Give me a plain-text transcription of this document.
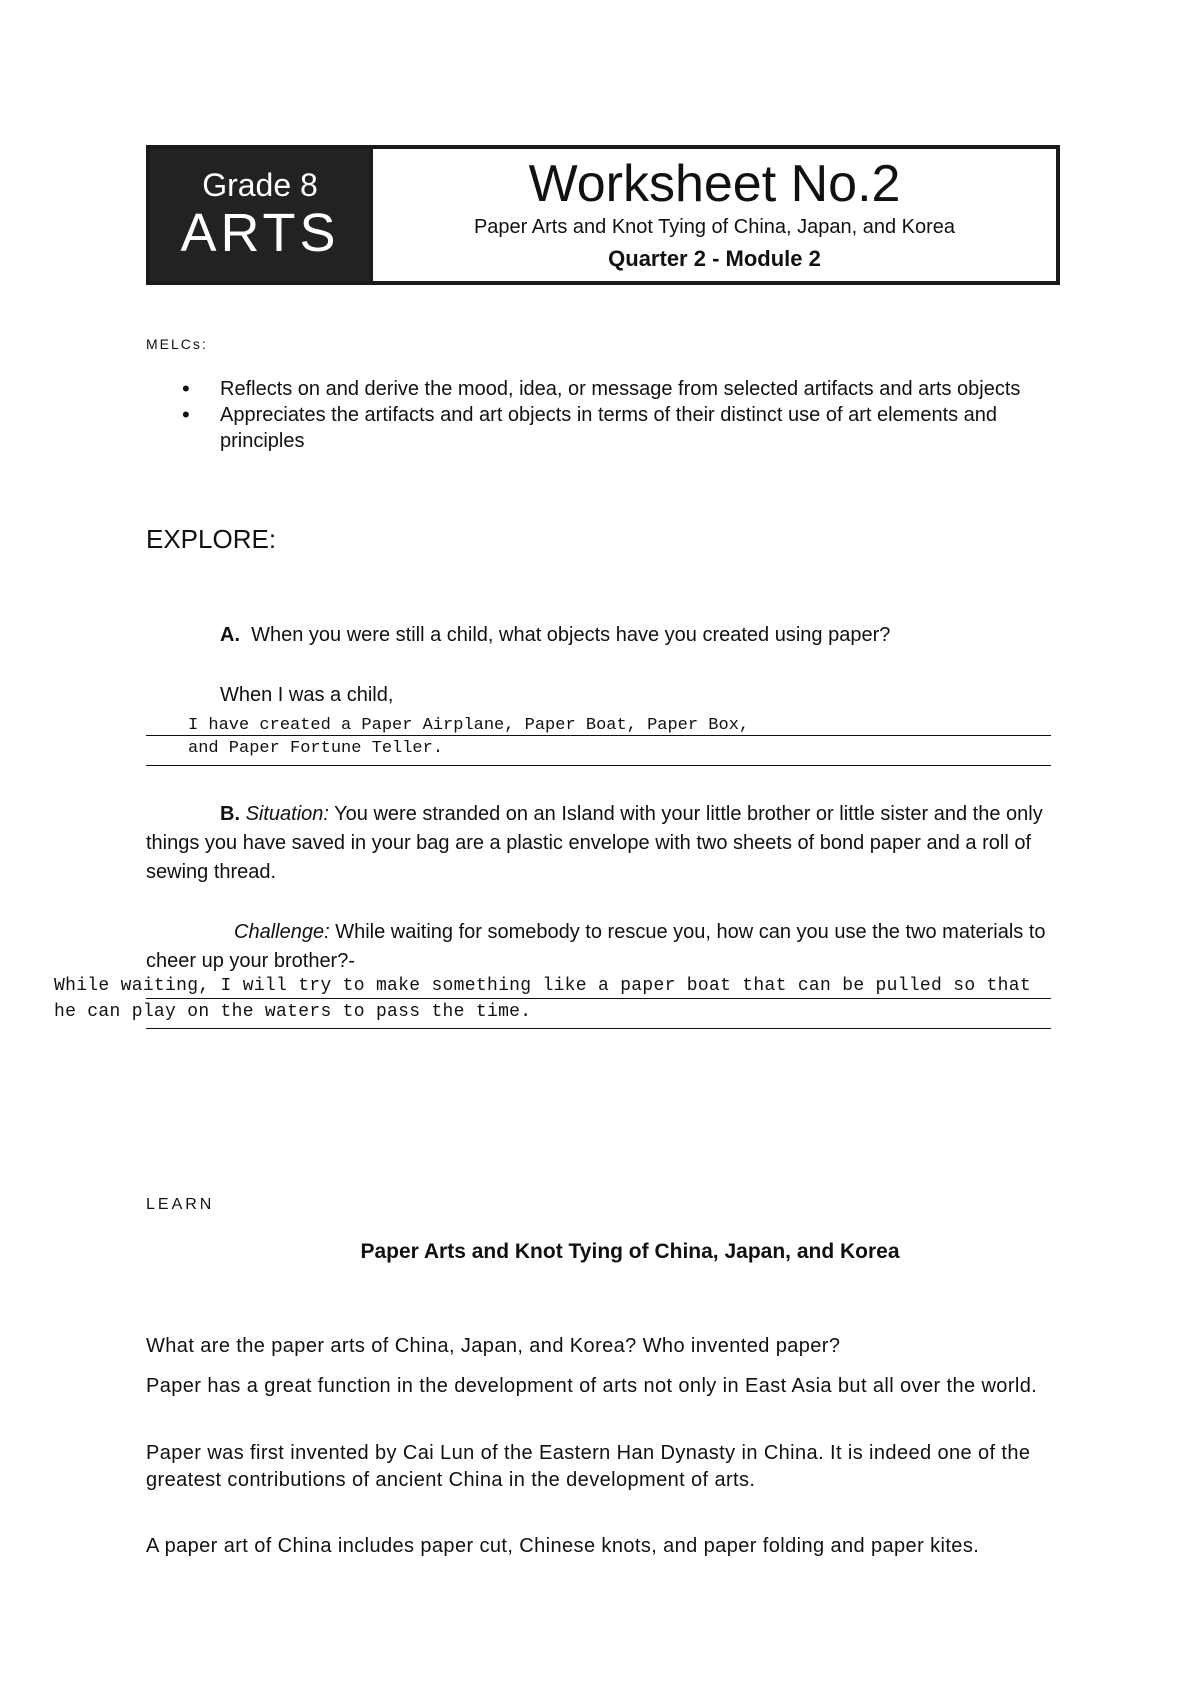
Grade 8
ARTS
Worksheet No.2
Paper Arts and Knot Tying of China, Japan, and Korea
Quarter 2 - Module 2
MELCs:
• Reflects on and derive the mood, idea, or message from selected artifacts and arts objects
• Appreciates the artifacts and art objects in terms of their distinct use of art elements and principles
EXPLORE:
A. When you were still a child, what objects have you created using paper?
When I was a child,
I have created a Paper Airplane, Paper Boat, Paper Box,
and Paper Fortune Teller.
B. Situation: You were stranded on an Island with your little brother or little sister and the only things you have saved in your bag are a plastic envelope with two sheets of bond paper and a roll of sewing thread.
Challenge: While waiting for somebody to rescue you, how can you use the two materials to cheer up your brother?-
While waiting, I will try to make something like a paper boat that can be pulled so that
he can play on the waters to pass the time.
LEARN
Paper Arts and Knot Tying of China, Japan, and Korea
What are the paper arts of China, Japan, and Korea? Who invented paper?
Paper has a great function in the development of arts not only in East Asia but all over the world.
Paper was first invented by Cai Lun of the Eastern Han Dynasty in China. It is indeed one of the greatest contributions of ancient China in the development of arts.
A paper art of China includes paper cut, Chinese knots, and paper folding and paper kites.
